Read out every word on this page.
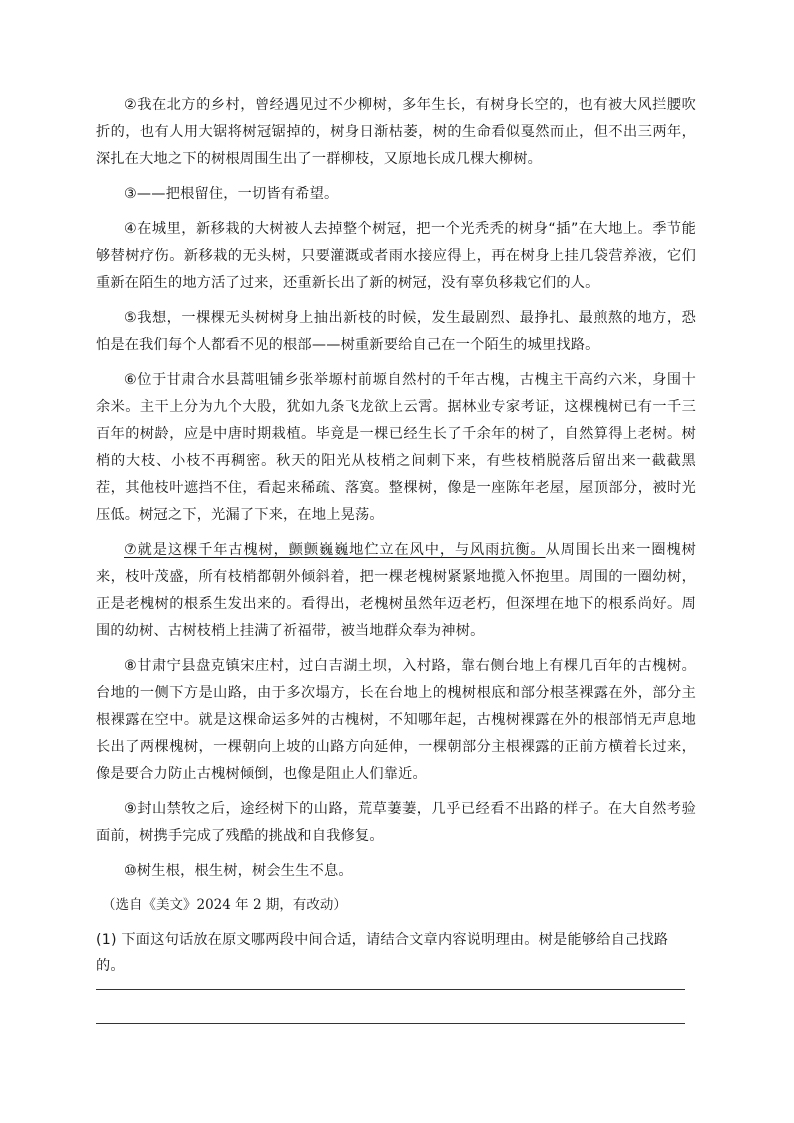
②我在北方的乡村，曾经遇见过不少柳树，多年生长，有树身长空的，也有被大风拦腰吹折的，也有人用大锯将树冠锯掉的，树身日渐枯萎，树的生命看似戛然而止，但不出三两年，深扎在大地之下的树根周围生出了一群柳枝，又原地长成几棵大柳树。

③——把根留住，一切皆有希望。

④在城里，新移栽的大树被人去掉整个树冠，把一个光秃秃的树身“插”在大地上。季节能够替树疗伤。新移栽的无头树，只要灌溉或者雨水接应得上，再在树身上挂几袋营养液，它们重新在陌生的地方活了过来，还重新长出了新的树冠，没有辜负移栽它们的人。

⑤我想，一棵棵无头树树身上抽出新枝的时候，发生最剧烈、最挣扎、最煎熬的地方，恐怕是在我们每个人都看不见的根部——树重新要给自己在一个陌生的城里找路。

⑥位于甘肃合水县蒿咀铺乡张举塬村前塬自然村的千年古槐，古槐主干高约六米，身围十余米。主干上分为九个大股，犹如九条飞龙欲上云霄。据林业专家考证，这棵槐树已有一千三百年的树龄，应是中唐时期栽植。毕竟是一棵已经生长了千余年的树了，自然算得上老树。树梢的大枝、小枝不再稠密。秋天的阳光从枝梢之间刺下来，有些枝梢脱落后留出来一截截黑茬，其他枝叶遮挡不住，看起来稀疏、落寞。整棵树，像是一座陈年老屋，屋顶部分，被时光压低。树冠之下，光漏了下来，在地上晃荡。

⑦就是这棵千年古槐树，颤颤巍巍地伫立在风中，与风雨抗衡。从周围长出来一圈槐树来，枝叶茂盛，所有枝梢都朝外倾斜着，把一棵老槐树紧紧地揽入怀抱里。周围的一圈幼树，正是老槐树的根系生发出来的。看得出，老槐树虽然年迈老朽，但深埋在地下的根系尚好。周围的幼树、古树枝梢上挂满了祈福带，被当地群众奉为神树。

⑧甘肃宁县盘克镇宋庄村，过白吉湖土坝，入村路，靠右侧台地上有棵几百年的古槐树。台地的一侧下方是山路，由于多次塌方，长在台地上的槐树根底和部分根茎裸露在外，部分主根裸露在空中。就是这棵命运多舛的古槐树，不知哪年起，古槐树裸露在外的根部悄无声息地长出了两棵槐树，一棵朝向上坡的山路方向延伸，一棵朝部分主根裸露的正前方横着长过来，像是要合力防止古槐树倾倒，也像是阻止人们靠近。

⑨封山禁牧之后，途经树下的山路，荒草萋萋，几乎已经看不出路的样子。在大自然考验面前，树携手完成了残酷的挑战和自我修复。

⑩树生根，根生树，树会生生不息。

（选自《美文》2024 年 2 期，有改动）

(1) 下面这句话放在原文哪两段中间合适，请结合文章内容说明理由。树是能够给自己找路的。
